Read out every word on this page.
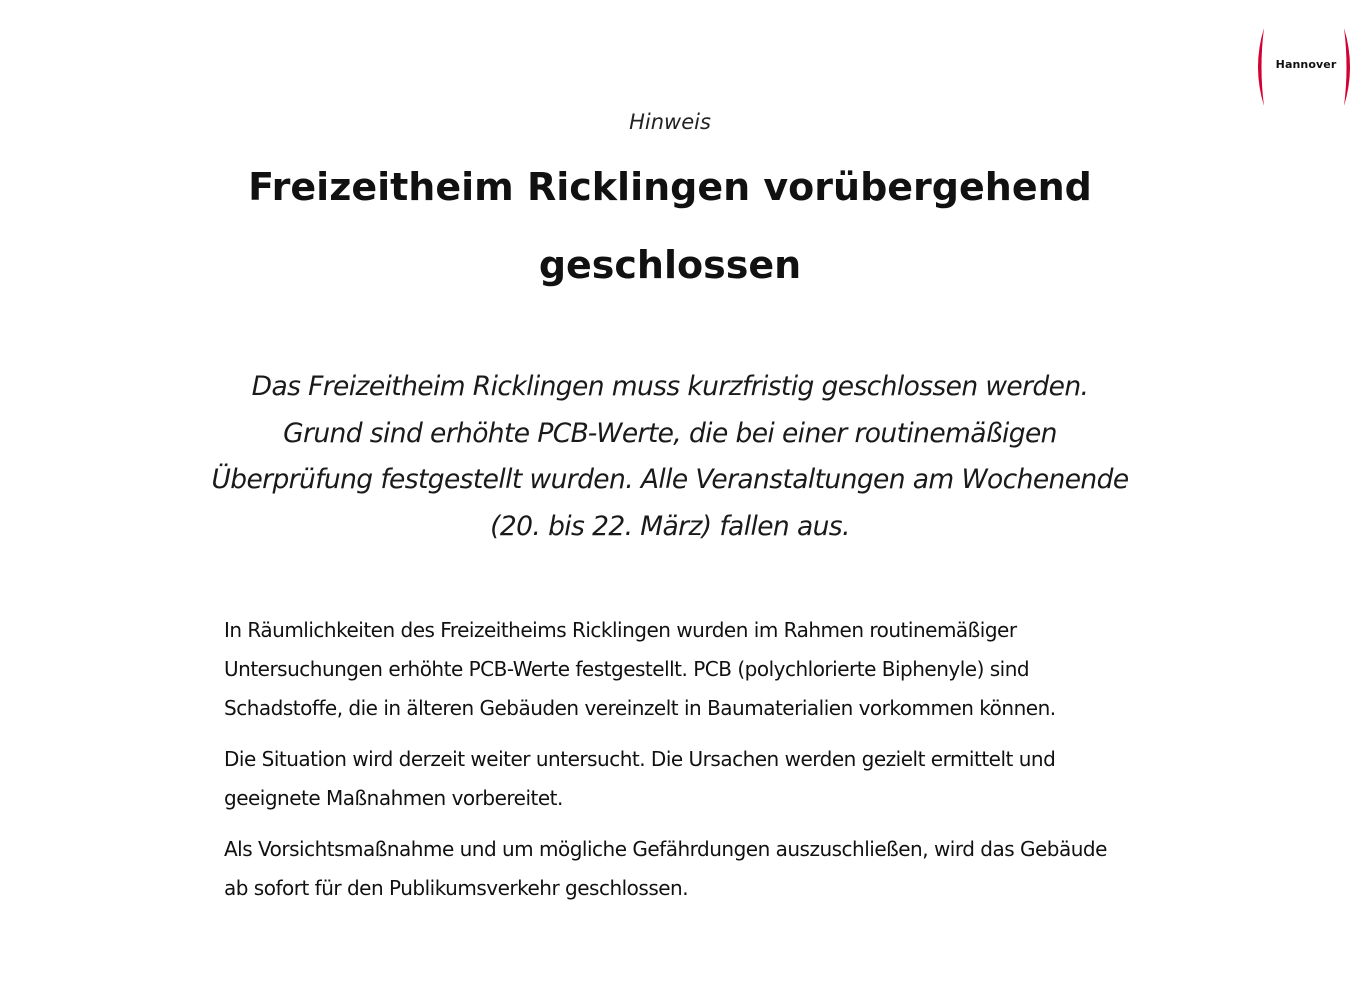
Hannover
Hinweis
Freizeitheim Ricklingen vorübergehend geschlossen

Das Freizeitheim Ricklingen muss kurzfristig geschlossen werden. Grund sind erhöhte PCB-Werte, die bei einer routinemäßigen Überprüfung festgestellt wurden. Alle Veranstaltungen am Wochenende (20. bis 22. März) fallen aus.

In Räumlichkeiten des Freizeitheims Ricklingen wurden im Rahmen routinemäßiger Untersuchungen erhöhte PCB-Werte festgestellt. PCB (polychlorierte Biphenyle) sind Schadstoffe, die in älteren Gebäuden vereinzelt in Baumaterialien vorkommen können.

Die Situation wird derzeit weiter untersucht. Die Ursachen werden gezielt ermittelt und geeignete Maßnahmen vorbereitet.

Als Vorsichtsmaßnahme und um mögliche Gefährdungen auszuschließen, wird das Gebäude ab sofort für den Publikumsverkehr geschlossen.
